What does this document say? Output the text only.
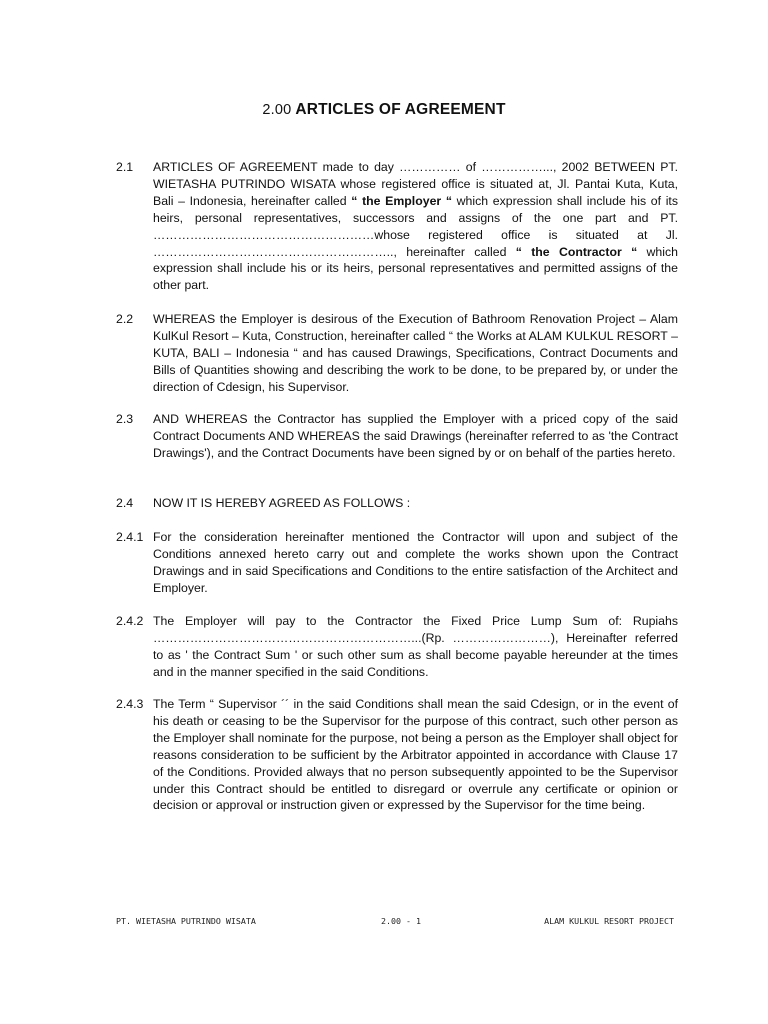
2.00 ARTICLES OF AGREEMENT
2.1 ARTICLES OF AGREEMENT made to day …………… of ……………..., 2002 BETWEEN PT. WIETASHA PUTRINDO WISATA whose registered office is situated at, Jl. Pantai Kuta, Kuta, Bali – Indonesia, hereinafter called “ the Employer “ which expression shall include his of its heirs, personal representatives, successors and assigns of the one part and PT. ………………………………………………whose registered office is situated at Jl. ………………………………………………….., hereinafter called “ the Contractor “ which expression shall include his or its heirs, personal representatives and permitted assigns of the other part.
2.2 WHEREAS the Employer is desirous of the Execution of Bathroom Renovation Project – Alam KulKul Resort – Kuta, Construction, hereinafter called “ the Works at ALAM KULKUL RESORT – KUTA, BALI – Indonesia “ and has caused Drawings, Specifications, Contract Documents and Bills of Quantities showing and describing the work to be done, to be prepared by, or under the direction of Cdesign, his Supervisor.
2.3 AND WHEREAS the Contractor has supplied the Employer with a priced copy of the said Contract Documents AND WHEREAS the said Drawings (hereinafter referred to as 'the Contract Drawings'), and the Contract Documents have been signed by or on behalf of the parties hereto.
2.4 NOW IT IS HEREBY AGREED AS FOLLOWS :
2.4.1 For the consideration hereinafter mentioned the Contractor will upon and subject of the Conditions annexed hereto carry out and complete the works shown upon the Contract Drawings and in said Specifications and Conditions to the entire satisfaction of the Architect and Employer.
2.4.2 The Employer will pay to the Contractor the Fixed Price Lump Sum of: Rupiahs ………………………………………………………...(Rp. ……………………), Hereinafter referred to as ' the Contract Sum ' or such other sum as shall become payable hereunder at the times and in the manner specified in the said Conditions.
2.4.3 The Term “ Supervisor ´´ in the said Conditions shall mean the said Cdesign, or in the event of his death or ceasing to be the Supervisor for the purpose of this contract, such other person as the Employer shall nominate for the purpose, not being a person as the Employer shall object for reasons consideration to be sufficient by the Arbitrator appointed in accordance with Clause 17 of the Conditions. Provided always that no person subsequently appointed to be the Supervisor under this Contract should be entitled to disregard or overrule any certificate or opinion or decision or approval or instruction given or expressed by the Supervisor for the time being.
PT. WIETASHA PUTRINDO WISATA	2.00 - 1	ALAM KULKUL RESORT PROJECT
